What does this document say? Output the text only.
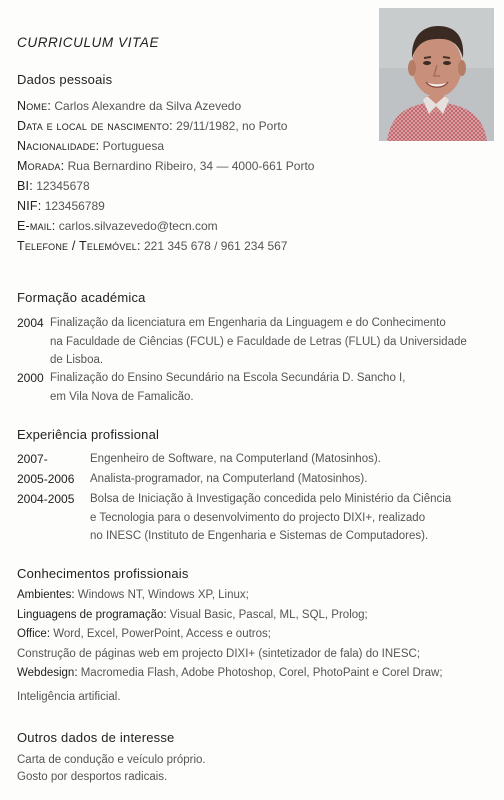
CURRICULUM VITAE
Dados pessoais
Nome: Carlos Alexandre da Silva Azevedo
Data e local de nascimento: 29/11/1982, no Porto
Nacionalidade: Portuguesa
Morada: Rua Bernardino Ribeiro, 34 — 4000-661 Porto
BI: 12345678
NIF: 123456789
E-mail: carlos.silvazevedo@tecn.com
Telefone / Telemóvel: 221 345 678 / 961 234 567
Formação académica
2004 Finalização da licenciatura em Engenharia da Linguagem e do Conhecimento
na Faculdade de Ciências (FCUL) e Faculdade de Letras (FLUL) da Universidade
de Lisboa.
2000 Finalização do Ensino Secundário na Escola Secundária D. Sancho I,
em Vila Nova de Famalicão.
Experiência profissional
2007-	Engenheiro de Software, na Computerland (Matosinhos).
2005-2006 Analista-programador, na Computerland (Matosinhos).
2004-2005 Bolsa de Iniciação à Investigação concedida pelo Ministério da Ciência
e Tecnologia para o desenvolvimento do projecto DIXI+, realizado
no INESC (Instituto de Engenharia e Sistemas de Computadores).
Conhecimentos profissionais
Ambientes: Windows NT, Windows XP, Linux;
Linguagens de programação: Visual Basic, Pascal, ML, SQL, Prolog;
Office: Word, Excel, PowerPoint, Access e outros;
Construção de páginas web em projecto DIXI+ (sintetizador de fala) do INESC;
Webdesign: Macromedia Flash, Adobe Photoshop, Corel, PhotoPaint e Corel Draw;
Inteligência artificial.
Outros dados de interesse
Carta de condução e veículo próprio.
Gosto por desportos radicais.
